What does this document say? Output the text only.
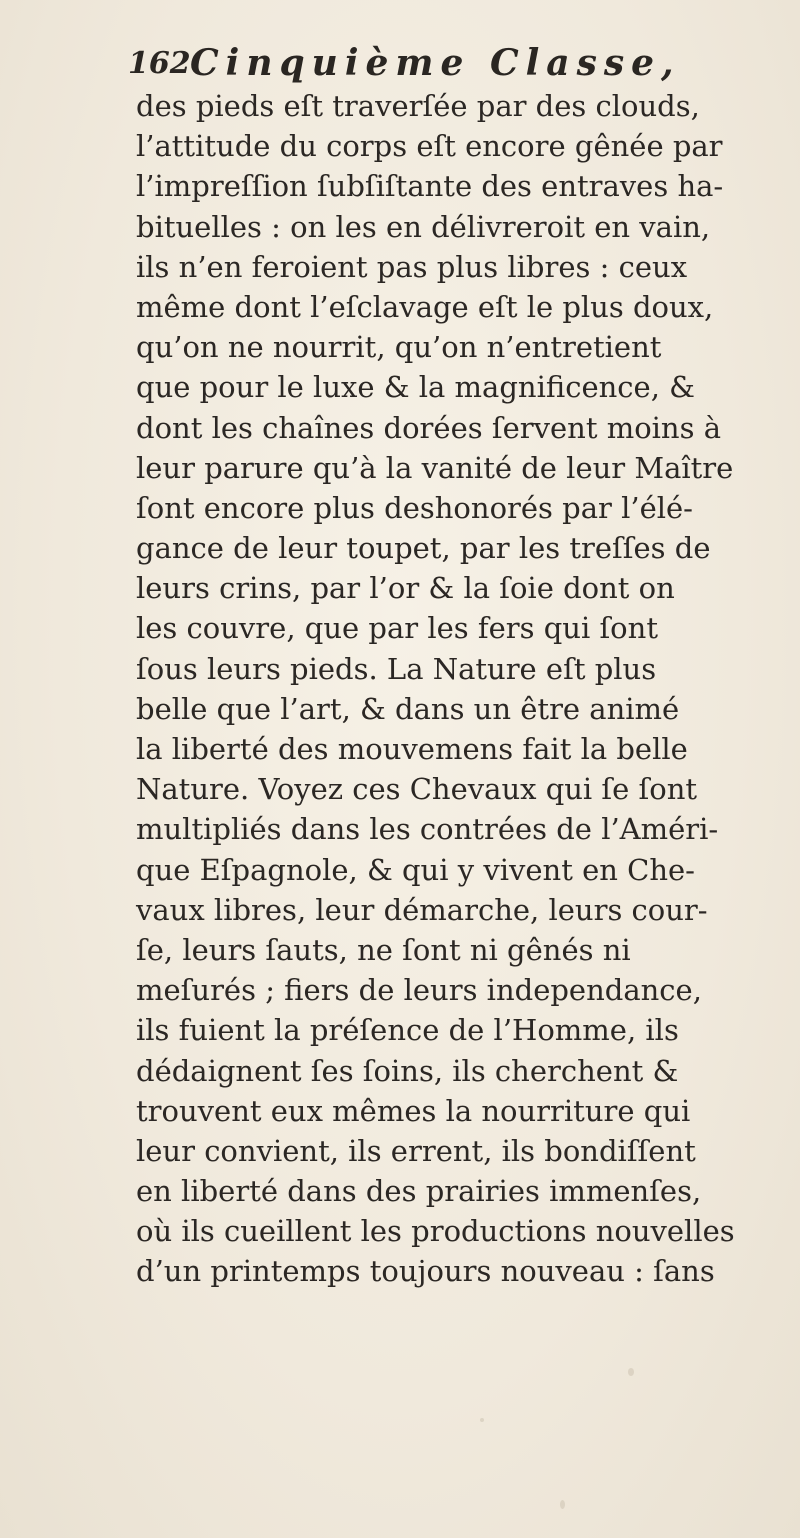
162 Cinquième Classe,
des pieds eſt traverſée par des clouds,
l’attitude du corps eſt encore gênée par
l’impreſſion ſubſiſtante des entraves ha-
bituelles : on les en délivreroit en vain,
ils n’en feroient pas plus libres : ceux
même dont l’eſclavage eſt le plus doux,
qu’on ne nourrit, qu’on n’entretient
que pour le luxe & la magnificence, &
dont les chaînes dorées ſervent moins à
leur parure qu’à la vanité de leur Maître
ſont encore plus deshonorés par l’élé-
gance de leur toupet, par les treſſes de
leurs crins, par l’or & la ſoie dont on
les couvre, que par les fers qui ſont
ſous leurs pieds. La Nature eſt plus
belle que l’art, & dans un être animé
la liberté des mouvemens fait la belle
Nature. Voyez ces Chevaux qui ſe ſont
multipliés dans les contrées de l’Améri-
que Eſpagnole, & qui y vivent en Che-
vaux libres, leur démarche, leurs cour-
ſe, leurs ſauts, ne ſont ni gênés ni
meſurés ; fiers de leurs independance,
ils fuient la préſence de l’Homme, ils
dédaignent ſes ſoins, ils cherchent &
trouvent eux mêmes la nourriture qui
leur convient, ils errent, ils bondiſſent
en liberté dans des prairies immenſes,
où ils cueillent les productions nouvelles
d’un printemps toujours nouveau : ſans
